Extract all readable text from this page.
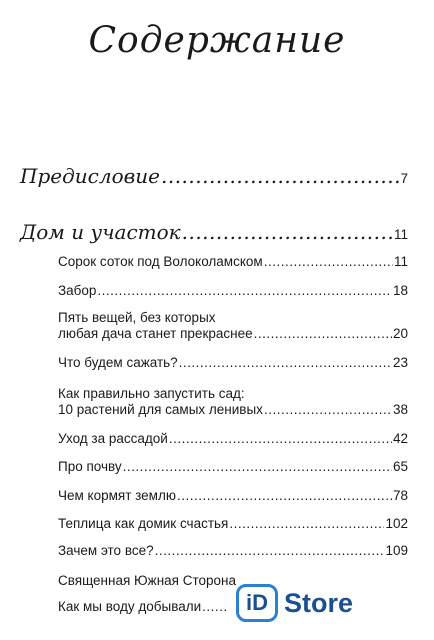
Содержание
Предисловие .....	7
Дом и участок .....	11
Сорок соток под Волоколамском .....	11
Забор .....	18
Пять вещей, без которых
любая дача станет прекраснее .....	20
Что будем сажать? .....	23
Как правильно запустить сад:
10 растений для самых ленивых .....	38
Уход за рассадой .....	42
Про почву .....	65
Чем кормят землю .....	78
Теплица как домик счастья .....	102
Зачем это все? .....	109
Священная Южная Сторона
Как мы воду добывали .....	iD Store
